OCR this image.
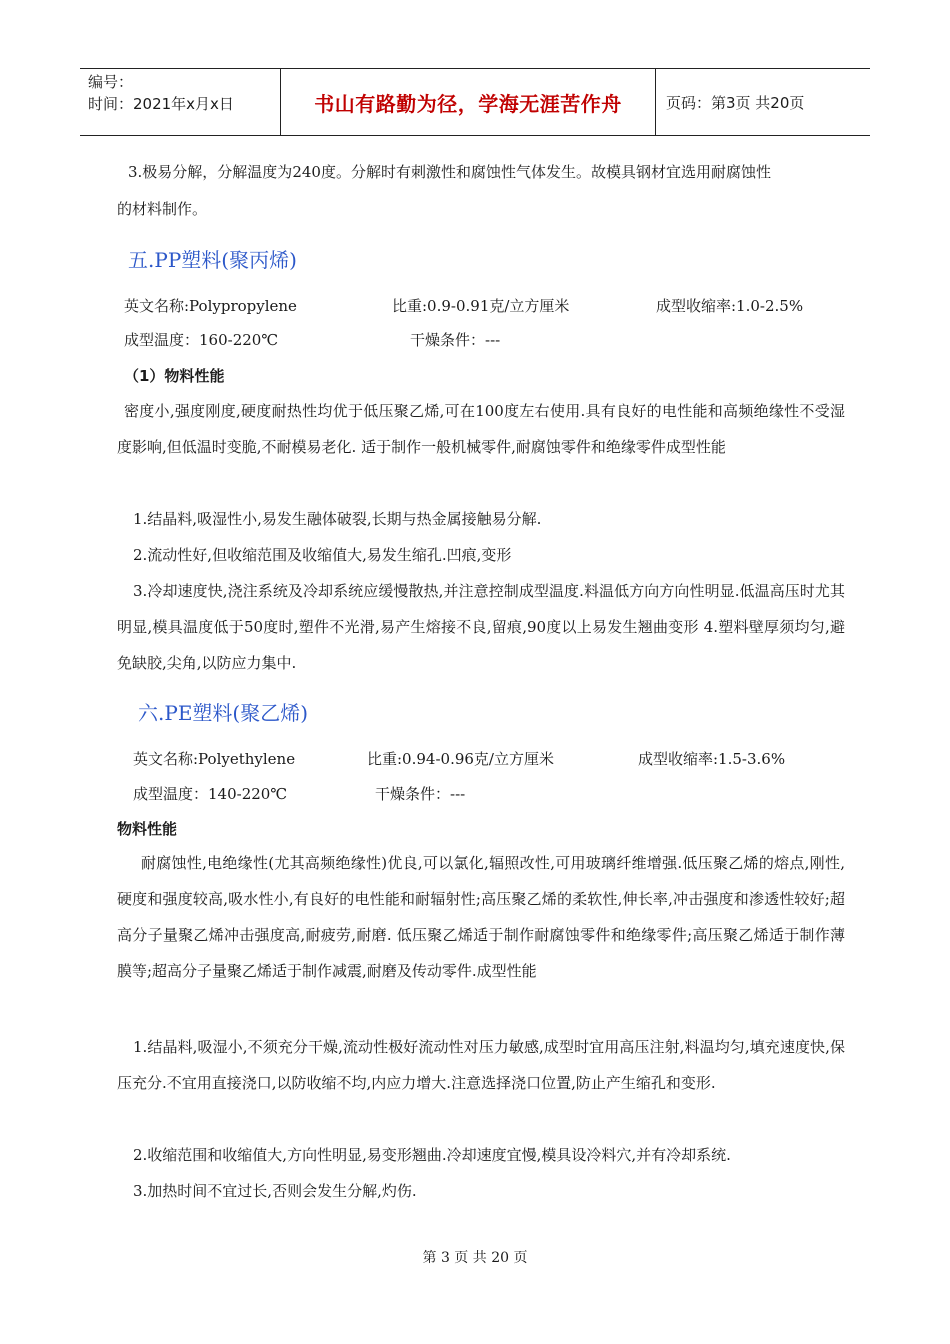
编号：
时间：2021年x月x日	书山有路勤为径，学海无涯苦作舟	页码：第3页 共20页
3.极易分解，分解温度为240度。分解时有刺激性和腐蚀性气体发生。故模具钢材宜选用耐腐蚀性
的材料制作。
五.PP塑料(聚丙烯)
英文名称:Polypropylene	比重:0.9-0.91克/立方厘米	成型收缩率:1.0-2.5%
成型温度：160-220℃	干燥条件：---
（1）物料性能
密度小,强度刚度,硬度耐热性均优于低压聚乙烯,可在100度左右使用.具有良好的电性能和高频绝缘性不受湿度影响,但低温时变脆,不耐模易老化. 适于制作一般机械零件,耐腐蚀零件和绝缘零件成型性能
1.结晶料,吸湿性小,易发生融体破裂,长期与热金属接触易分解.
2.流动性好,但收缩范围及收缩值大,易发生缩孔.凹痕,变形
3.冷却速度快,浇注系统及冷却系统应缓慢散热,并注意控制成型温度.料温低方向方向性明显.低温高压时尤其明显,模具温度低于50度时,塑件不光滑,易产生熔接不良,留痕,90度以上易发生翘曲变形 4.塑料壁厚须均匀,避免缺胶,尖角,以防应力集中.
六.PE塑料(聚乙烯)
英文名称:Polyethylene	比重:0.94-0.96克/立方厘米	成型收缩率:1.5-3.6%
成型温度：140-220℃	干燥条件：---
物料性能
耐腐蚀性,电绝缘性(尤其高频绝缘性)优良,可以氯化,辐照改性,可用玻璃纤维增强.低压聚乙烯的熔点,刚性,硬度和强度较高,吸水性小,有良好的电性能和耐辐射性;高压聚乙烯的柔软性,伸长率,冲击强度和渗透性较好;超高分子量聚乙烯冲击强度高,耐疲劳,耐磨. 低压聚乙烯适于制作耐腐蚀零件和绝缘零件;高压聚乙烯适于制作薄膜等;超高分子量聚乙烯适于制作减震,耐磨及传动零件.成型性能
1.结晶料,吸湿小,不须充分干燥,流动性极好流动性对压力敏感,成型时宜用高压注射,料温均匀,填充速度快,保压充分.不宜用直接浇口,以防收缩不均,内应力增大.注意选择浇口位置,防止产生缩孔和变形.
2.收缩范围和收缩值大,方向性明显,易变形翘曲.冷却速度宜慢,模具设冷料穴,并有冷却系统.
3.加热时间不宜过长,否则会发生分解,灼伤.
第 3 页 共 20 页
